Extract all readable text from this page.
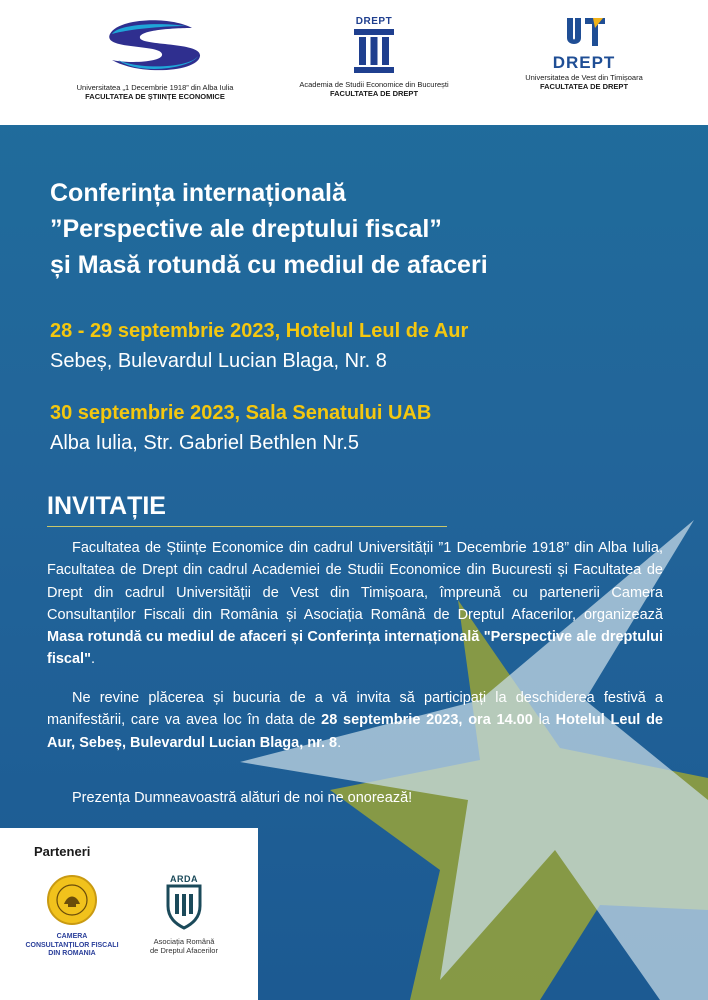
Universitatea „1 Decembrie 1918” din Alba Iulia
FACULTATEA DE ȘTIINȚE ECONOMICE
DREPT
Academia de Studii Economice din București
FACULTATEA DE DREPT
DREPT
Universitatea de Vest din Timișoara
FACULTATEA DE DREPT
Conferința internațională
”Perspective ale dreptului fiscal”
și Masă rotundă cu mediul de afaceri
28 - 29 septembrie 2023, Hotelul Leul de Aur
Sebeș, Bulevardul Lucian Blaga, Nr. 8
30 septembrie 2023, Sala Senatului UAB
Alba Iulia, Str. Gabriel Bethlen Nr.5
INVITAȚIE
Facultatea de Științe Economice din cadrul Universității ”1 Decembrie 1918” din Alba Iulia, Facultatea de Drept din cadrul Academiei de Studii Economice din Bucuresti și Facultatea de Drept din cadrul Universității de Vest din Timișoara, împreună cu partenerii Camera Consultanților Fiscali din România și Asociația Română de Dreptul Afacerilor, organizează Masa rotundă cu mediul de afaceri și Conferința internațională "Perspective ale dreptului fiscal".
Ne revine plăcerea și bucuria de a vă invita să participați la deschiderea festivă a manifestării, care va avea loc în data de 28 septembrie 2023, ora 14.00 la Hotelul Leul de Aur, Sebeș, Bulevardul Lucian Blaga, nr. 8.
Prezența Dumneavoastră alături de noi ne onorează!
Parteneri
CAMERA
CONSULTANȚILOR FISCALI
DIN ROMANIA
ARDA
Asociația Română
de Dreptul Afacerilor
